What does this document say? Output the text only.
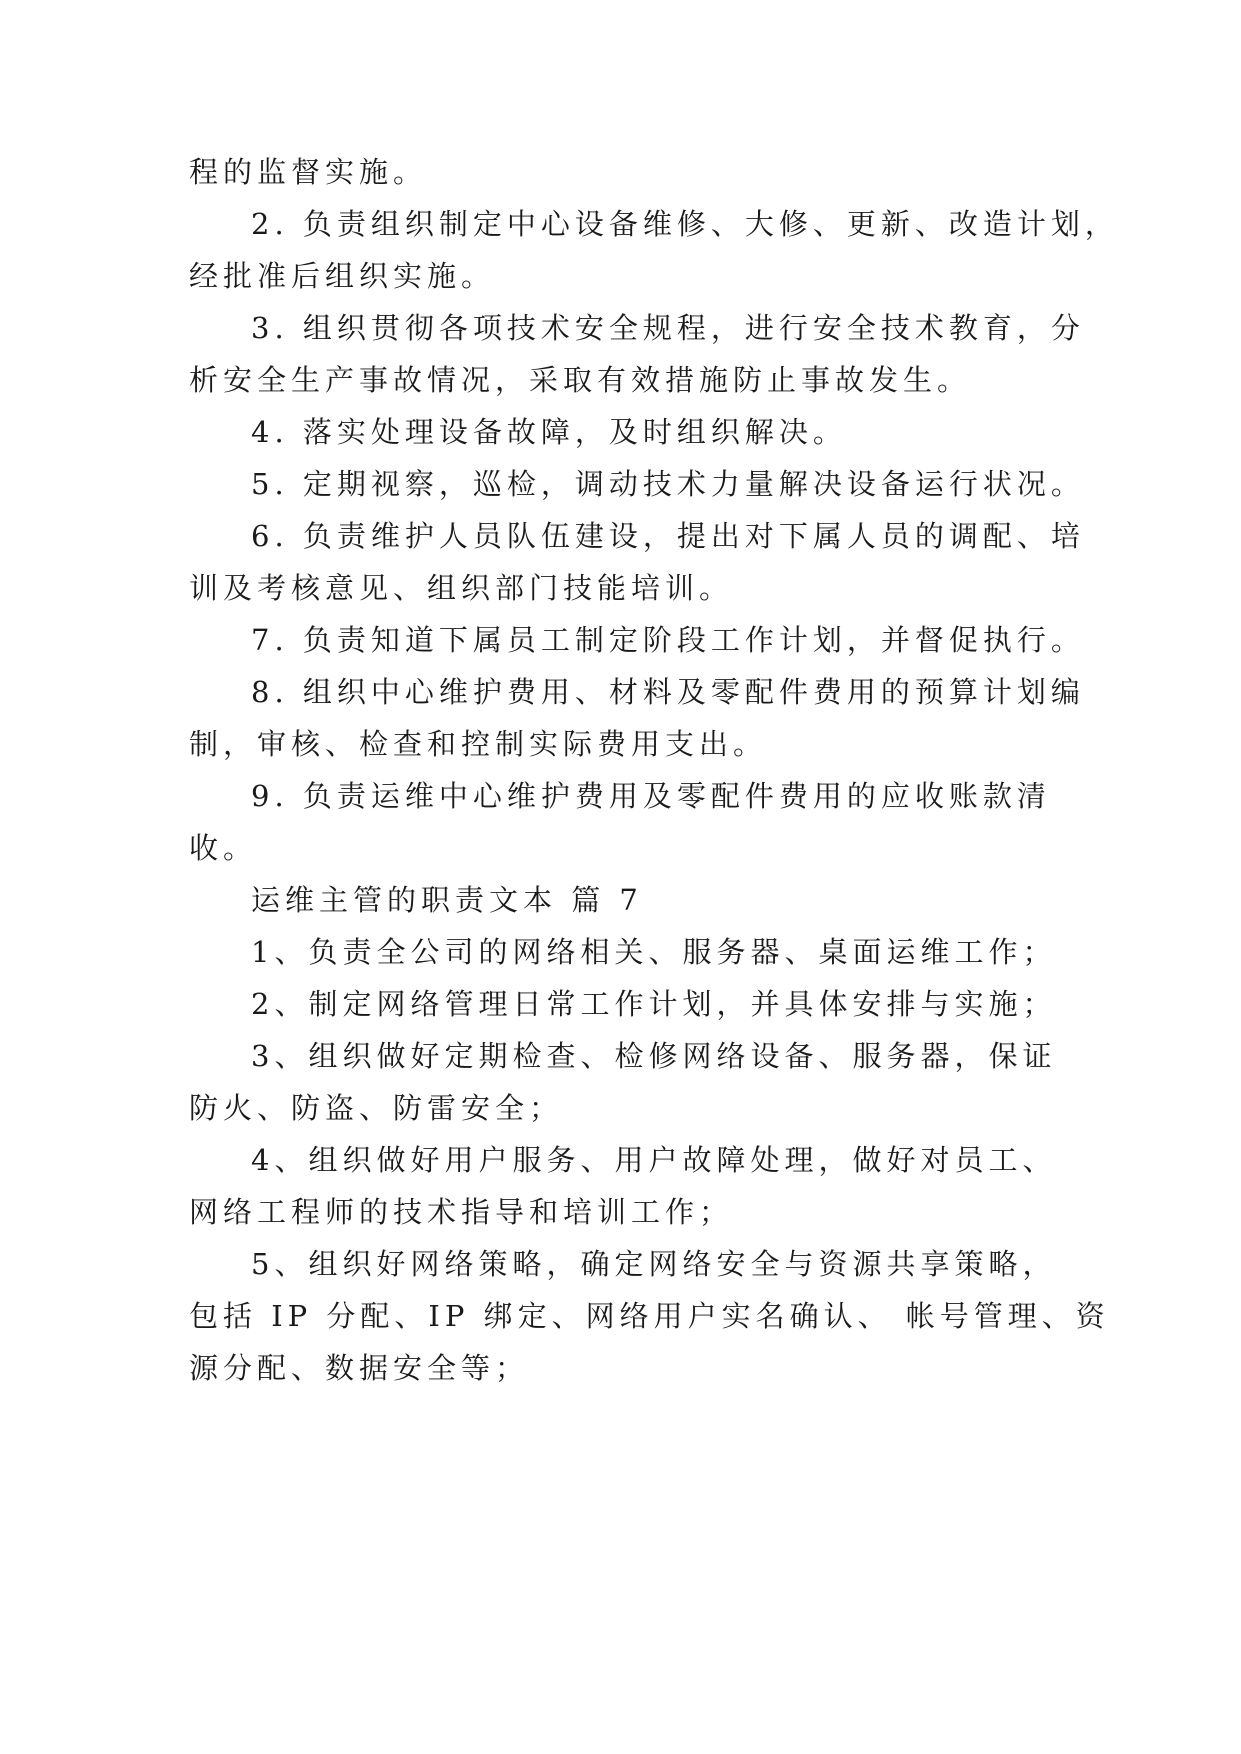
程的监督实施。
2. 负责组织制定中心设备维修、大修、更新、改造计划，
经批准后组织实施。
3. 组织贯彻各项技术安全规程，进行安全技术教育，分
析安全生产事故情况，采取有效措施防止事故发生。
4. 落实处理设备故障，及时组织解决。
5. 定期视察，巡检，调动技术力量解决设备运行状况。
6. 负责维护人员队伍建设，提出对下属人员的调配、培
训及考核意见、组织部门技能培训。
7. 负责知道下属员工制定阶段工作计划，并督促执行。
8. 组织中心维护费用、材料及零配件费用的预算计划编
制，审核、检查和控制实际费用支出。
9. 负责运维中心维护费用及零配件费用的应收账款清
收。
运维主管的职责文本 篇 7
1、负责全公司的网络相关、服务器、桌面运维工作；
2、制定网络管理日常工作计划，并具体安排与实施；
3、组织做好定期检查、检修网络设备、服务器，保证
防火、防盗、防雷安全；
4、组织做好用户服务、用户故障处理，做好对员工、
网络工程师的技术指导和培训工作；
5、组织好网络策略，确定网络安全与资源共享策略，
包括 IP 分配、IP 绑定、网络用户实名确认、 帐号管理、资
源分配、数据安全等；
